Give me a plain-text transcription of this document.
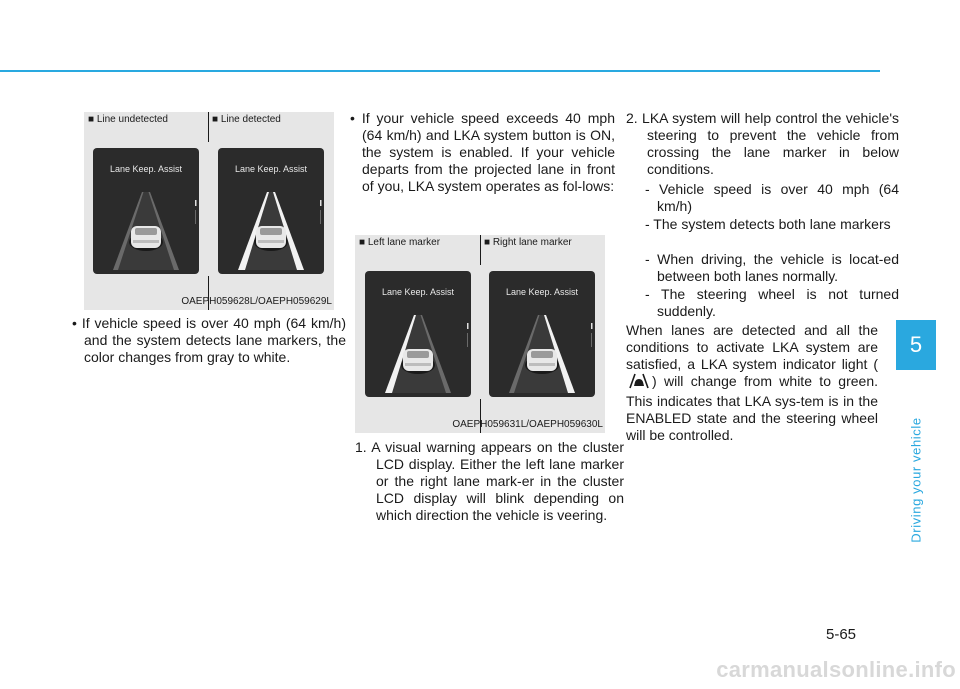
■ Line undetected	■ Line detected
Lane Keep. Assist	Lane Keep. Assist
OAEPH059628L/OAEPH059629L
• If vehicle speed is over 40 mph (64 km/h) and the system detects lane markers, the color changes from gray to white.
• If your vehicle speed exceeds 40 mph (64 km/h) and LKA system button is ON, the system is enabled. If your vehicle departs from the projected lane in front of you, LKA system operates as fol-lows:
■ Left lane marker	■ Right lane marker
Lane Keep. Assist	Lane Keep. Assist
OAEPH059631L/OAEPH059630L
1. A visual warning appears on the cluster LCD display. Either the left lane marker or the right lane mark-er in the cluster LCD display will blink depending on which direction the vehicle is veering.
2. LKA system will help control the vehicle's steering to prevent the vehicle from crossing the lane marker in below conditions.
- Vehicle speed is over 40 mph (64 km/h)
- The system detects both lane markers
- When driving, the vehicle is locat-ed between both lanes normally.
- The steering wheel is not turned suddenly.

When lanes are detected and all the conditions to activate LKA system are satisfied, a LKA system indicator light () will change from white to green. This indicates that LKA sys-tem is in the ENABLED state and the steering wheel will be controlled.

5
Driving your vehicle
5-65
carmanualsonline.info
